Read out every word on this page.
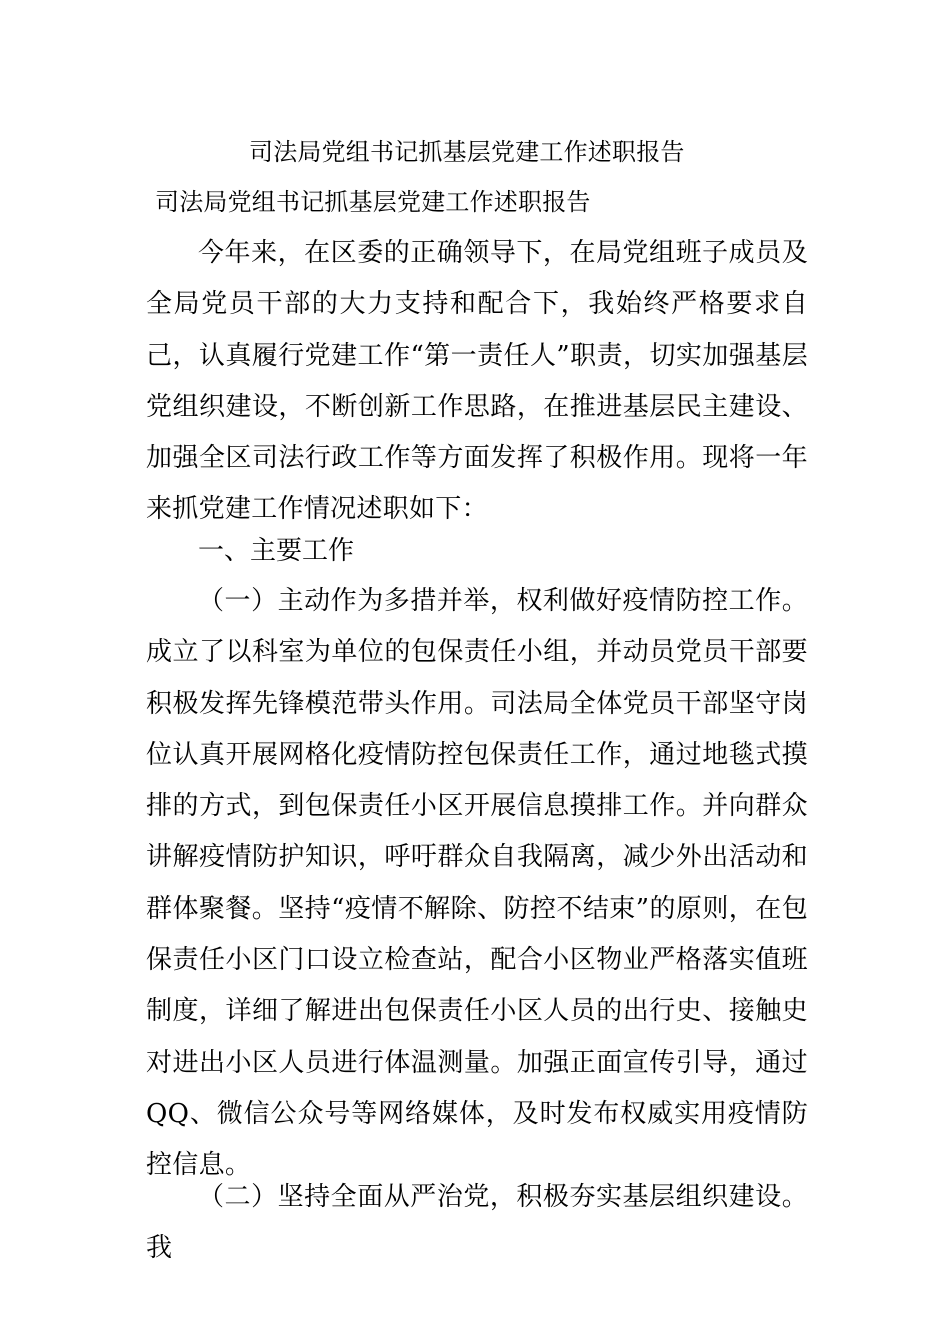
司法局党组书记抓基层党建工作述职报告
司法局党组书记抓基层党建工作述职报告

今年来，在区委的正确领导下，在局党组班子成员及全局党员干部的大力支持和配合下，我始终严格要求自己，认真履行党建工作“第一责任人”职责，切实加强基层党组织建设，不断创新工作思路，在推进基层民主建设、加强全区司法行政工作等方面发挥了积极作用。现将一年来抓党建工作情况述职如下：

一、主要工作

（一）主动作为多措并举，权利做好疫情防控工作。成立了以科室为单位的包保责任小组，并动员党员干部要积极发挥先锋模范带头作用。司法局全体党员干部坚守岗位认真开展网格化疫情防控包保责任工作，通过地毯式摸排的方式，到包保责任小区开展信息摸排工作。并向群众讲解疫情防护知识，呼吁群众自我隔离，减少外出活动和群体聚餐。坚持“疫情不解除、防控不结束”的原则，在包保责任小区门口设立检查站，配合小区物业严格落实值班制度，详细了解进出包保责任小区人员的出行史、接触史对进出小区人员进行体温测量。加强正面宣传引导，通过QQ、微信公众号等网络媒体，及时发布权威实用疫情防控信息。

（二）坚持全面从严治党，积极夯实基层组织建设。我
